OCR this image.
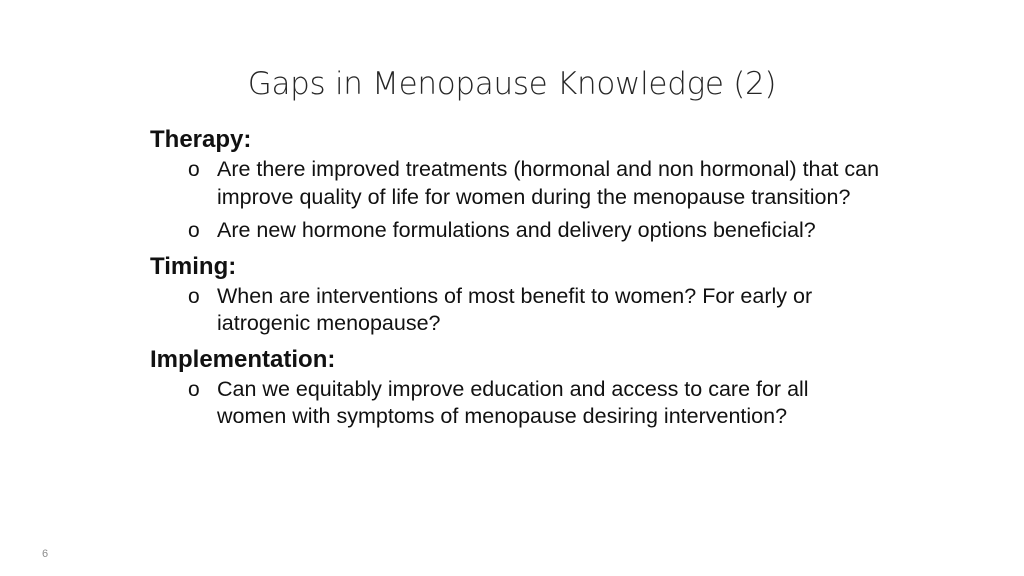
Gaps in Menopause Knowledge (2)
Therapy:
o Are there improved treatments (hormonal and non hormonal) that can improve quality of life for women during the menopause transition?
o Are new hormone formulations and delivery options beneficial?
Timing:
o When are interventions of most benefit to women? For early or iatrogenic menopause?
Implementation:
o Can we equitably improve education and access to care for all women with symptoms of menopause desiring intervention?
6
